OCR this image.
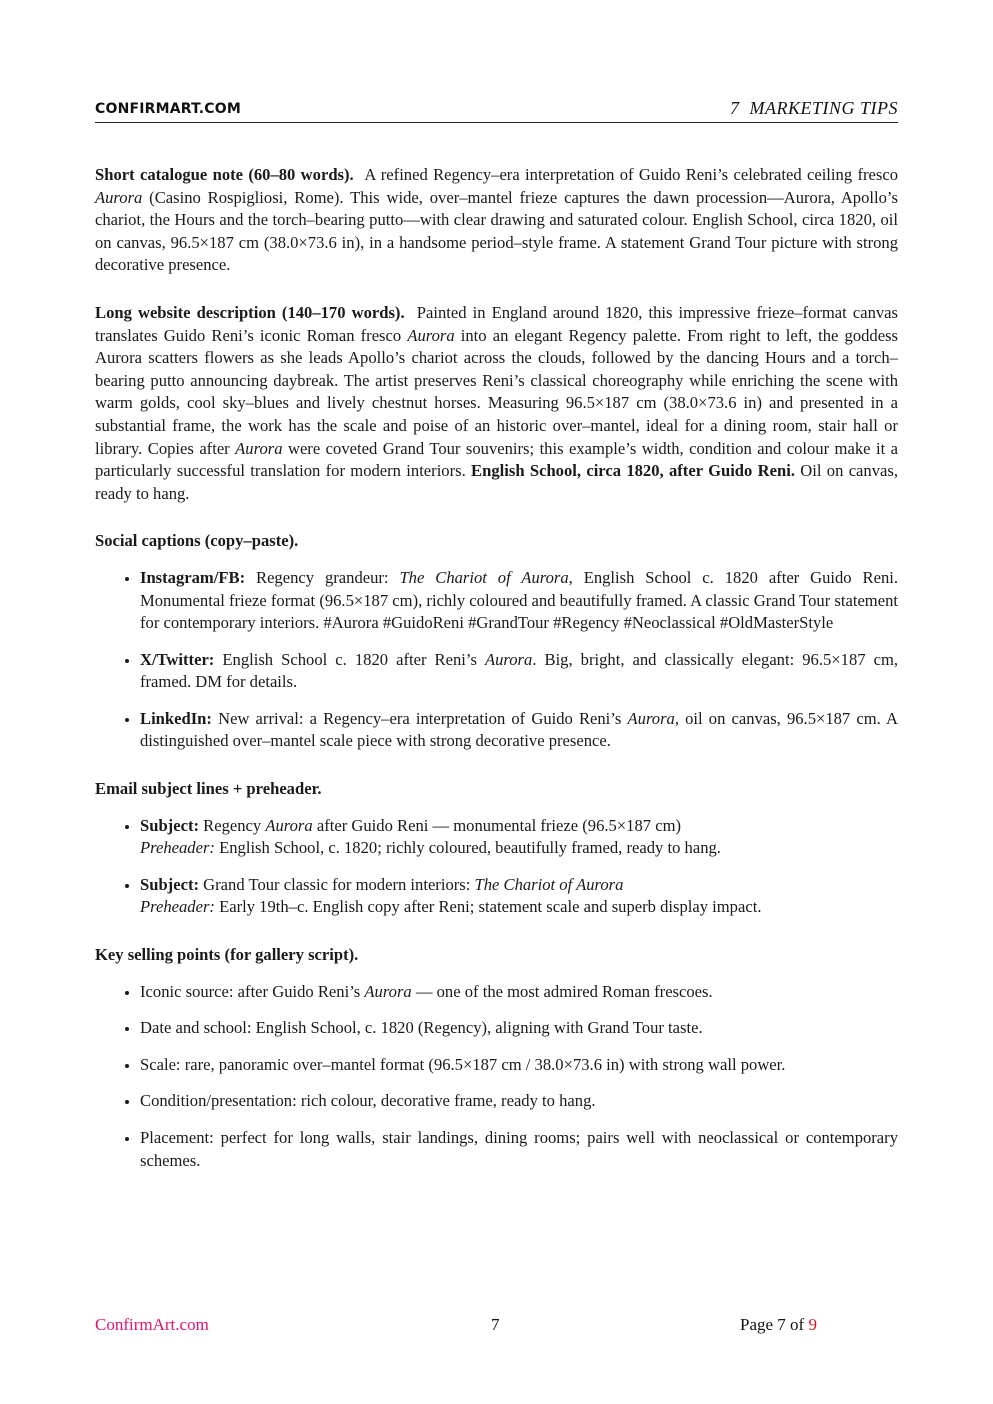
CONFIRMART.COM	7 MARKETING TIPS

Short catalogue note (60–80 words). A refined Regency–era interpretation of Guido Reni’s celebrated ceiling fresco Aurora (Casino Rospigliosi, Rome). This wide, over–mantel frieze captures the dawn procession—Aurora, Apollo’s chariot, the Hours and the torch–bearing putto—with clear drawing and saturated colour. English School, circa 1820, oil on canvas, 96.5×187 cm (38.0×73.6 in), in a handsome period–style frame. A statement Grand Tour picture with strong decorative presence.

Long website description (140–170 words). Painted in England around 1820, this impressive frieze–format canvas translates Guido Reni’s iconic Roman fresco Aurora into an elegant Regency palette. From right to left, the goddess Aurora scatters flowers as she leads Apollo’s chariot across the clouds, followed by the dancing Hours and a torch–bearing putto announcing daybreak. The artist preserves Reni’s classical choreography while enriching the scene with warm golds, cool sky–blues and lively chestnut horses. Measuring 96.5×187 cm (38.0×73.6 in) and presented in a substantial frame, the work has the scale and poise of an historic over–mantel, ideal for a dining room, stair hall or library. Copies after Aurora were coveted Grand Tour souvenirs; this example’s width, condition and colour make it a particularly successful translation for modern interiors. English School, circa 1820, after Guido Reni. Oil on canvas, ready to hang.

Social captions (copy–paste).
• Instagram/FB: Regency grandeur: The Chariot of Aurora, English School c. 1820 after Guido Reni. Monumental frieze format (96.5×187 cm), richly coloured and beautifully framed. A classic Grand Tour statement for contemporary interiors. #Aurora #GuidoReni #GrandTour #Regency #Neoclassical #OldMasterStyle
• X/Twitter: English School c. 1820 after Reni’s Aurora. Big, bright, and classically elegant: 96.5×187 cm, framed. DM for details.
• LinkedIn: New arrival: a Regency–era interpretation of Guido Reni’s Aurora, oil on canvas, 96.5×187 cm. A distinguished over–mantel scale piece with strong decorative presence.
Email subject lines + preheader.
• Subject: Regency Aurora after Guido Reni — monumental frieze (96.5×187 cm)
Preheader: English School, c. 1820; richly coloured, beautifully framed, ready to hang.
• Subject: Grand Tour classic for modern interiors: The Chariot of Aurora
Preheader: Early 19th–c. English copy after Reni; statement scale and superb display impact.
Key selling points (for gallery script).
• Iconic source: after Guido Reni’s Aurora — one of the most admired Roman frescoes.
• Date and school: English School, c. 1820 (Regency), aligning with Grand Tour taste.
• Scale: rare, panoramic over–mantel format (96.5×187 cm / 38.0×73.6 in) with strong wall power.
• Condition/presentation: rich colour, decorative frame, ready to hang.
• Placement: perfect for long walls, stair landings, dining rooms; pairs well with neoclassical or contemporary schemes.
ConfirmArt.com	7	Page 7 of 9
